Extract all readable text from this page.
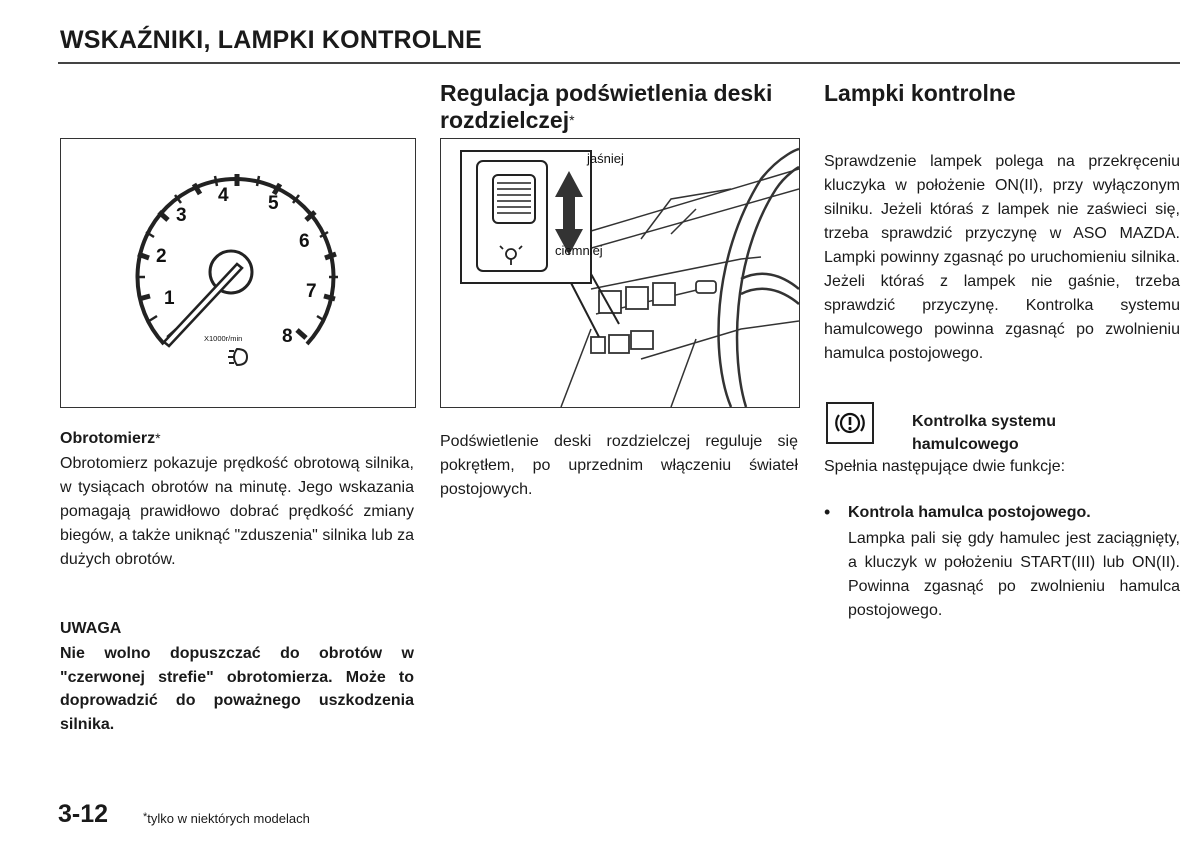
WSKAŹNIKI, LAMPKI KONTROLNE
1
2
3
4 5
6
7
8
X1000r/min
Obrotomierz*
Obrotomierz pokazuje prędkość obrotową silnika, w tysiącach obrotów na minutę. Jego wskazania pomagają prawidłowo dobrać prędkość zmiany biegów, a także uniknąć "zduszenia" silnika lub za dużych obrotów.
UWAGA
Nie wolno dopuszczać do obrotów w "czerwonej strefie" obrotomierza. Może to doprowadzić do poważnego uszkodzenia silnika.
Regulacja podświetlenia deski
rozdzielczej*
jaśniej
ciemniej
Podświetlenie deski rozdzielczej reguluje się pokrętłem, po uprzednim włączeniu świateł postojowych.
Lampki kontrolne
Sprawdzenie lampek polega na przekręceniu kluczyka w położenie ON(II), przy wyłączonym silniku. Jeżeli któraś z lampek nie zaświeci się, trzeba sprawdzić przyczynę w ASO MAZDA. Lampki powinny zgasnąć po uruchomieniu silnika. Jeżeli któraś z lampek nie gaśnie, trzeba sprawdzić przyczynę. Kontrolka systemu hamulcowego powinna zgasnąć po zwolnieniu hamulca postojowego.
Kontrolka systemu
hamulcowego
Spełnia następujące dwie funkcje:
• Kontrola hamulca postojowego.
Lampka pali się gdy hamulec jest zaciągnięty, a kluczyk w położeniu START(III) lub ON(II). Powinna zgasnąć po zwolnieniu hamulca postojowego.
3-12	*tylko w niektórych modelach
